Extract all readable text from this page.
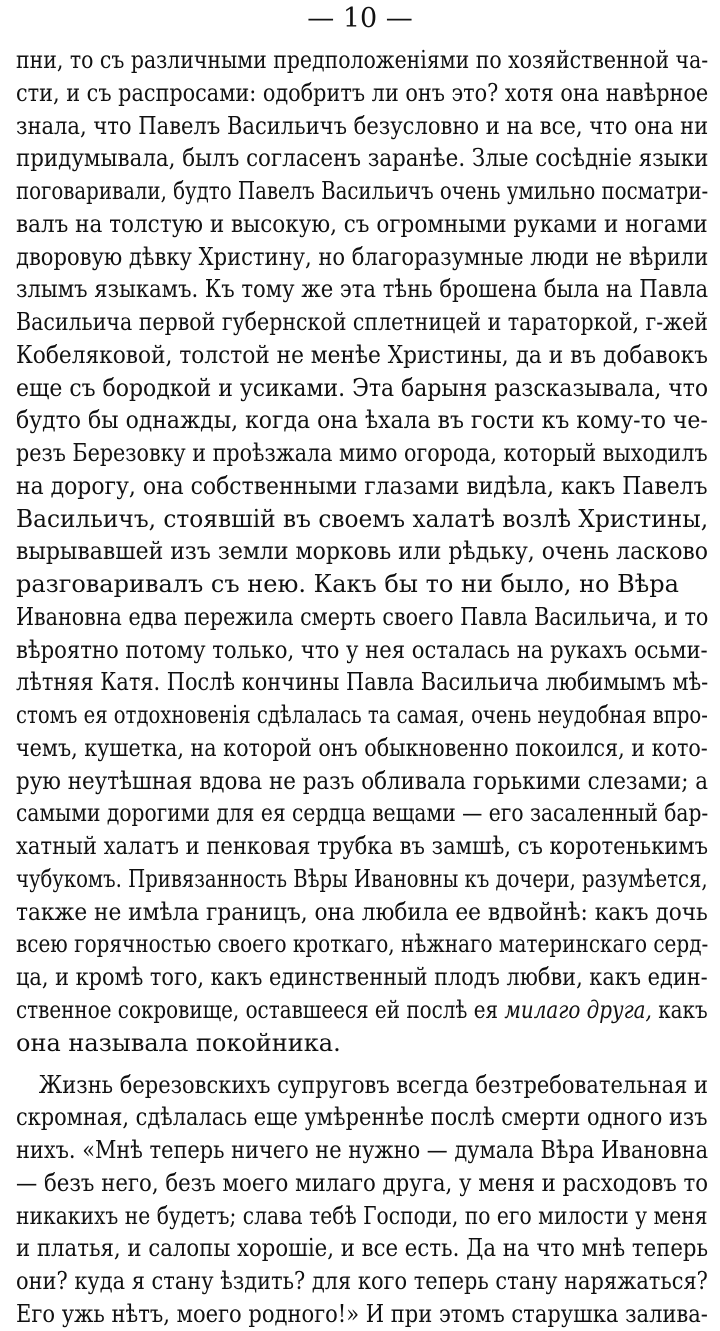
— 10 —
пни, то съ различными предположеніями по хозяйственной ча-
сти, и съ распросами: одобритъ ли онъ это? хотя она навѣрное
знала, что Павелъ Васильичъ безусловно и на все, что она ни
придумывала, былъ согласенъ заранѣе. Злые сосѣдніе языки
поговаривали, будто Павелъ Васильичъ очень умильно посматри-
валъ на толстую и высокую, съ огромными руками и ногами
дворовую дѣвку Христину, но благоразумные люди не вѣрили
злымъ языкамъ. Къ тому же эта тѣнь брошена была на Павла
Васильича первой губернской сплетницей и тараторкой, г-жей
Кобеляковой, толстой не менѣе Христины, да и въ добавокъ
еще съ бородкой и усиками. Эта барыня разсказывала, что
будто бы однажды, когда она ѣхала въ гости къ кому-то че-
резъ Березовку и проѣзжала мимо огорода, который выходилъ
на дорогу, она собственными глазами видѣла, какъ Павелъ
Васильичъ, стоявшій въ своемъ халатѣ возлѣ Христины,
вырывавшей изъ земли морковь или рѣдьку, очень ласково
разговаривалъ съ нею. Какъ бы то ни было, но Вѣра
Ивановна едва пережила смерть своего Павла Васильича, и то
вѣроятно потому только, что у нея осталась на рукахъ осьми-
лѣтняя Катя. Послѣ кончины Павла Васильича любимымъ мѣ-
стомъ ея отдохновенія сдѣлалась та самая, очень неудобная впро-
чемъ, кушетка, на которой онъ обыкновенно покоился, и кото-
рую неутѣшная вдова не разъ обливала горькими слезами; а
самыми дорогими для ея сердца вещами — его засаленный бар-
хатный халатъ и пенковая трубка въ замшѣ, съ коротенькимъ
чубукомъ. Привязанность Вѣры Ивановны къ дочери, разумѣется,
также не имѣла границъ, она любила ее вдвойнѣ: какъ дочь
всею горячностью своего кроткаго, нѣжнаго материнскаго серд-
ца, и кромѣ того, какъ единственный плодъ любви, какъ един-
ственное сокровище, оставшееся ей послѣ ея милаго друга, какъ
она называла покойника.
Жизнь березовскихъ супруговъ всегда безтребовательная и
скромная, сдѣлалась еще умѣреннѣе послѣ смерти одного изъ
нихъ. «Мнѣ теперь ничего не нужно — думала Вѣра Ивановна
— безъ него, безъ моего милаго друга, у меня и расходовъ то
никакихъ не будетъ; слава тебѣ Господи, по его милости у меня
и платья, и салопы хорошіе, и все есть. Да на что мнѣ теперь
они? куда я стану ѣздить? для кого теперь стану наряжаться?
Его ужь нѣтъ, моего родного!» И при этомъ старушка залива-
